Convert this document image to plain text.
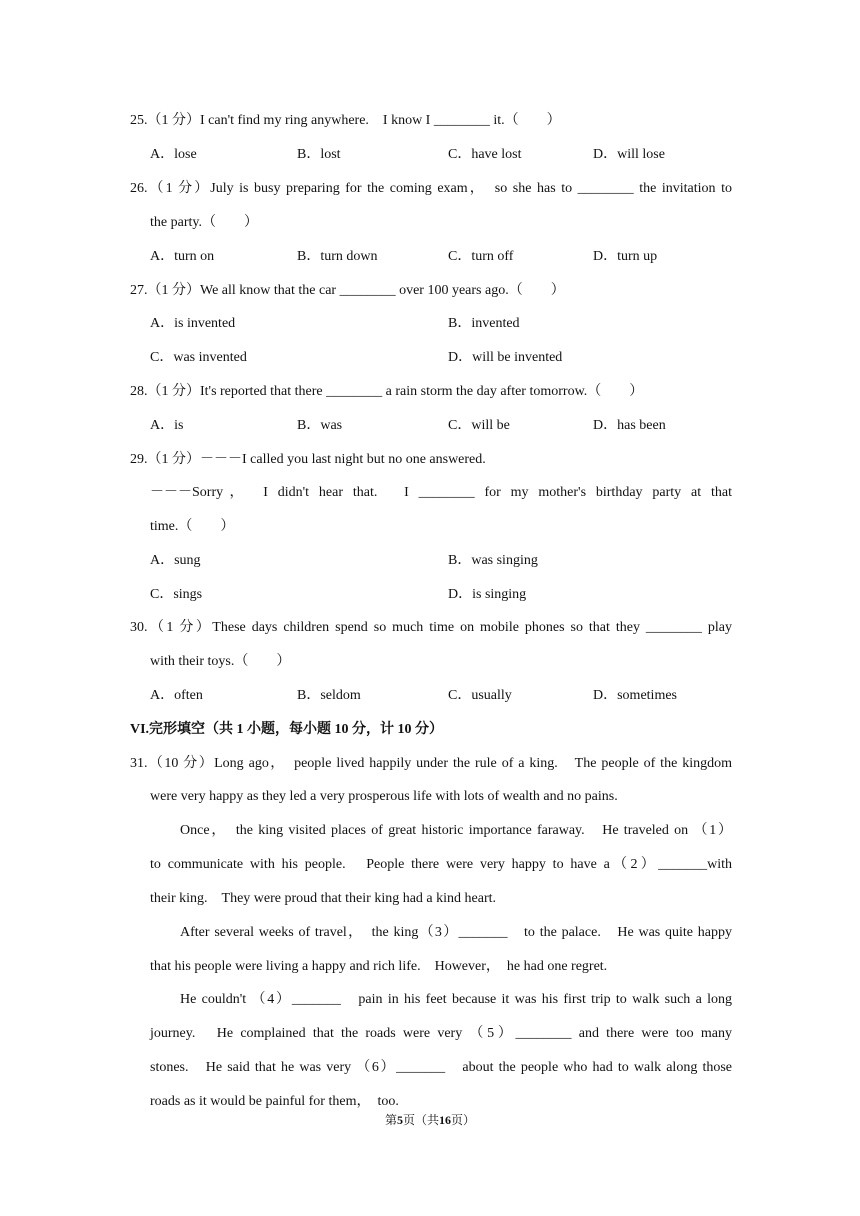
25.（1 分）I can't find my ring anywhere.　I know I ________ it.（　　）
A．lose	B．lost	C．have lost	D．will lose
26.（1 分）July is busy preparing for the coming exam，　so she has to ________ the invitation to
the party.（　　）
A．turn on	B．turn down	C．turn off	D．turn up
27.（1 分）We all know that the car ________ over 100 years ago.（　　）
A．is invented	B．invented
C．was invented	D．will be invented
28.（1 分）It's reported that there ________ a rain storm the day after tomorrow.（　　）
A．is	B．was	C．will be	D．has been
29.（1 分）－－－I called you last night but no one answered.
－－－Sorry，　I didn't hear that.　I ________ for my mother's birthday party at that
time.（　　）
A．sung	B．was singing
C．sings	D．is singing
30.（1 分）These days children spend so much time on mobile phones so that they ________ play
with their toys.（　　）
A．often	B．seldom	C．usually	D．sometimes
VI.完形填空（共 1 小题，每小题 10 分，计 10 分）
31.（10 分）Long ago，　people lived happily under the rule of a king.　The people of the kingdom
were very happy as they led a very prosperous life with lots of wealth and no pains.
Once，　the king visited places of great historic importance faraway.　He traveled on （1）
to communicate with his people.　People there were very happy to have a（2）_______with
their king.　They were proud that their king had a kind heart.
After several weeks of travel，　the king（3）_______　to the palace.　He was quite happy
that his people were living a happy and rich life.　However，　he had one regret.
He couldn't （4）_______　pain in his feet because it was his first trip to walk such a long
journey.　He complained that the roads were very （5）________ and there were too many
stones.　He said that he was very （6）_______　about the people who had to walk along those
roads as it would be painful for them，　too.
第5页（共16页）
